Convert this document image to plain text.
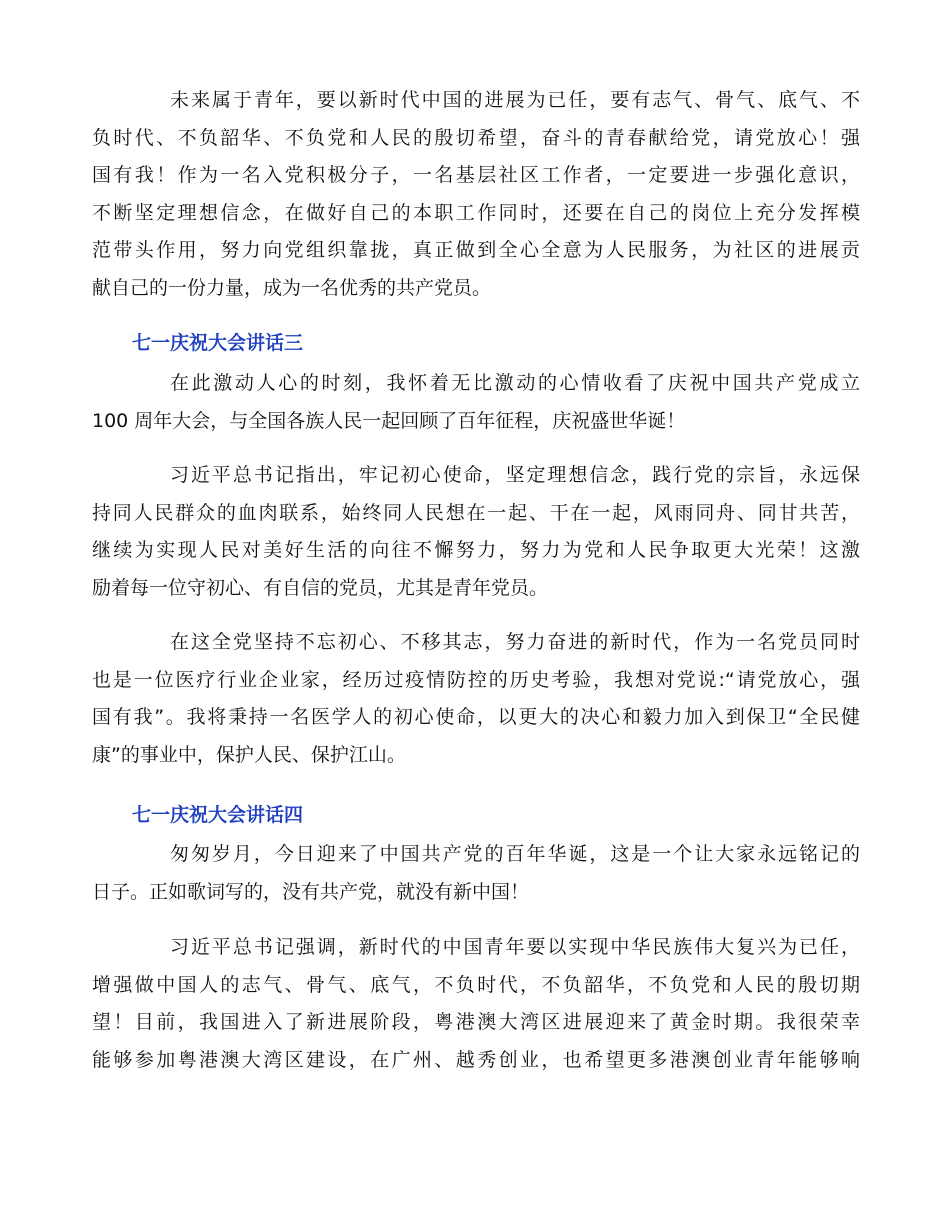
未来属于青年，要以新时代中国的进展为已任，要有志气、骨气、底气、不
负时代、不负韶华、不负党和人民的殷切希望，奋斗的青春献给党，请党放心！强
国有我！作为一名入党积极分子，一名基层社区工作者，一定要进一步强化意识，
不断坚定理想信念，在做好自己的本职工作同时，还要在自己的岗位上充分发挥模
范带头作用，努力向党组织靠拢，真正做到全心全意为人民服务，为社区的进展贡
献自己的一份力量，成为一名优秀的共产党员。
七一庆祝大会讲话三
在此激动人心的时刻，我怀着无比激动的心情收看了庆祝中国共产党成立
100 周年大会，与全国各族人民一起回顾了百年征程，庆祝盛世华诞！
习近平总书记指出，牢记初心使命，坚定理想信念，践行党的宗旨，永远保
持同人民群众的血肉联系，始终同人民想在一起、干在一起，风雨同舟、同甘共苦，
继续为实现人民对美好生活的向往不懈努力，努力为党和人民争取更大光荣！这激
励着每一位守初心、有自信的党员，尤其是青年党员。
在这全党坚持不忘初心、不移其志，努力奋进的新时代，作为一名党员同时
也是一位医疗行业企业家，经历过疫情防控的历史考验，我想对党说:“请党放心，强
国有我”。我将秉持一名医学人的初心使命，以更大的决心和毅力加入到保卫“全民健
康”的事业中，保护人民、保护江山。
七一庆祝大会讲话四
匆匆岁月，今日迎来了中国共产党的百年华诞，这是一个让大家永远铭记的
日子。正如歌词写的，没有共产党，就没有新中国！
习近平总书记强调，新时代的中国青年要以实现中华民族伟大复兴为已任，
增强做中国人的志气、骨气、底气，不负时代，不负韶华，不负党和人民的殷切期
望！目前，我国进入了新进展阶段，粤港澳大湾区进展迎来了黄金时期。我很荣幸
能够参加粤港澳大湾区建设，在广州、越秀创业，也希望更多港澳创业青年能够响
